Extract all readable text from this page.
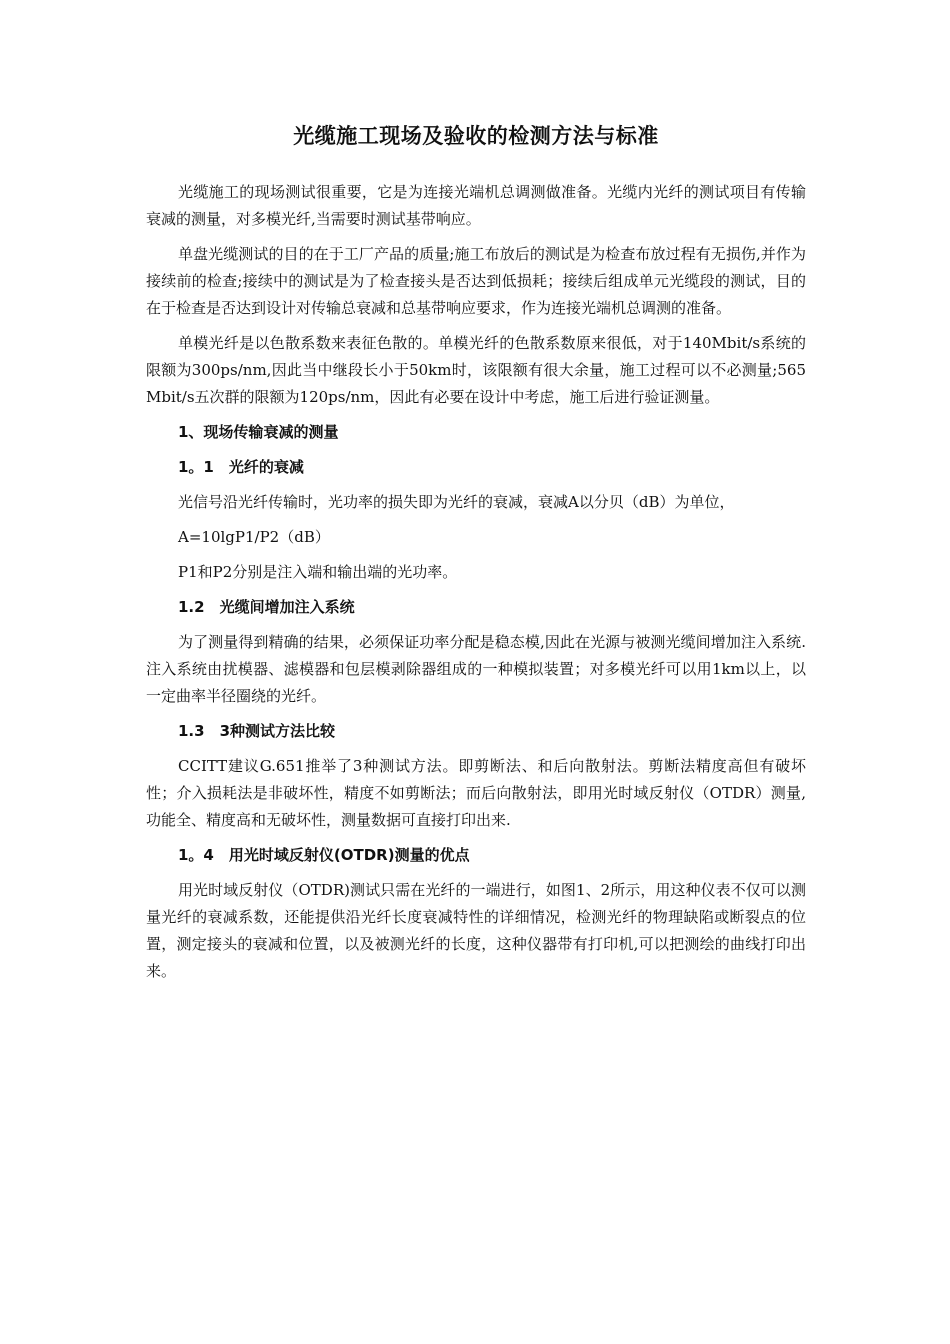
光缆施工现场及验收的检测方法与标准

光缆施工的现场测试很重要，它是为连接光端机总调测做准备。光缆内光纤的测试项目有传输衰减的测量，对多模光纤,当需要时测试基带响应。

单盘光缆测试的目的在于工厂产品的质量;施工布放后的测试是为检查布放过程有无损伤,并作为接续前的检查;接续中的测试是为了检查接头是否达到低损耗；接续后组成单元光缆段的测试，目的在于检查是否达到设计对传输总衰减和总基带响应要求，作为连接光端机总调测的准备。

单模光纤是以色散系数来表征色散的。单模光纤的色散系数原来很低，对于140Mbit/s系统的限额为300ps/nm,因此当中继段长小于50km时，该限额有很大余量，施工过程可以不必测量;565Mbit/s五次群的限额为120ps/nm，因此有必要在设计中考虑，施工后进行验证测量。

1、现场传输衰减的测量
1。1　光纤的衰减
光信号沿光纤传输时，光功率的损失即为光纤的衰减，衰减A以分贝（dB）为单位，
A=10lgP1/P2（dB）
P1和P2分别是注入端和输出端的光功率。
1.2　光缆间增加注入系统

为了测量得到精确的结果，必须保证功率分配是稳态模,因此在光源与被测光缆间增加注入系统.注入系统由扰模器、滤模器和包层模剥除器组成的一种模拟装置；对多模光纤可以用1km以上，以一定曲率半径圈绕的光纤。

1.3　3种测试方法比较

CCITT建议G.651推举了3种测试方法。即剪断法、和后向散射法。剪断法精度高但有破坏性；介入损耗法是非破坏性，精度不如剪断法；而后向散射法，即用光时域反射仪（OTDR）测量,功能全、精度高和无破坏性，测量数据可直接打印出来.

1。4　用光时域反射仪(OTDR)测量的优点

用光时域反射仪（OTDR)测试只需在光纤的一端进行，如图1、2所示，用这种仪表不仅可以测量光纤的衰减系数，还能提供沿光纤长度衰减特性的详细情况，检测光纤的物理缺陷或断裂点的位置，测定接头的衰减和位置，以及被测光纤的长度，这种仪器带有打印机,可以把测绘的曲线打印出来。
